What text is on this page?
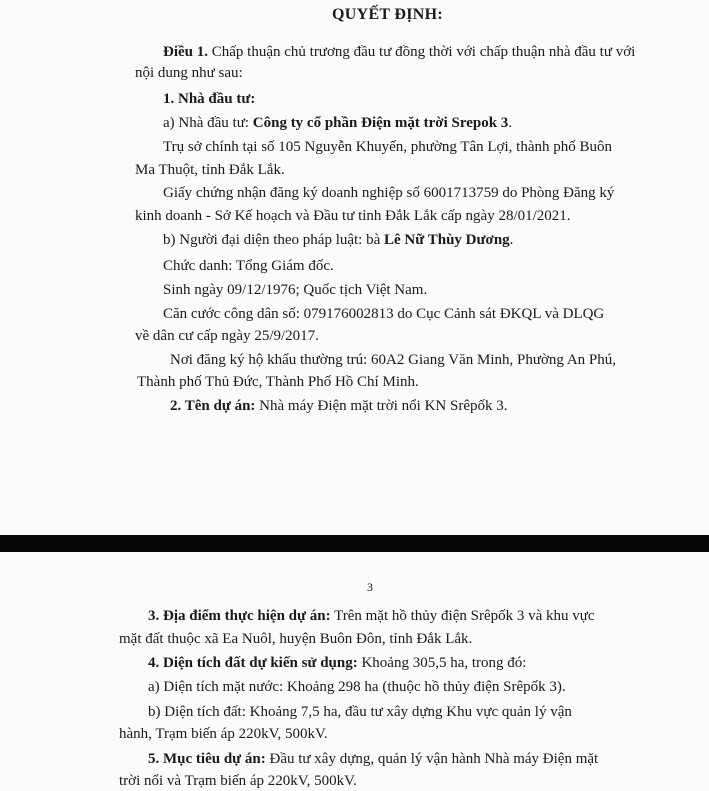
QUYẾT ĐỊNH:
Điều 1. Chấp thuận chủ trương đầu tư đồng thời với chấp thuận nhà đầu tư với
nội dung như sau:
1. Nhà đầu tư:
a) Nhà đầu tư: Công ty cổ phần Điện mặt trời Srepok 3.
Trụ sở chính tại số 105 Nguyễn Khuyến, phường Tân Lợi, thành phố Buôn
Ma Thuột, tỉnh Đắk Lắk.
Giấy chứng nhận đăng ký doanh nghiệp số 6001713759 do Phòng Đăng ký
kinh doanh - Sở Kế hoạch và Đầu tư tỉnh Đắk Lắk cấp ngày 28/01/2021.
b) Người đại diện theo pháp luật: bà Lê Nữ Thùy Dương.
Chức danh: Tổng Giám đốc.
Sinh ngày 09/12/1976; Quốc tịch Việt Nam.
Căn cước công dân số: 079176002813 do Cục Cảnh sát ĐKQL và DLQG
về dân cư cấp ngày 25/9/2017.
Nơi đăng ký hộ khẩu thường trú: 60A2 Giang Văn Minh, Phường An Phú,
Thành phố Thủ Đức, Thành Phố Hồ Chí Minh.
2. Tên dự án: Nhà máy Điện mặt trời nổi KN Srêpốk 3.
3
3. Địa điểm thực hiện dự án: Trên mặt hồ thủy điện Srêpốk 3 và khu vực
mặt đất thuộc xã Ea Nuôl, huyện Buôn Đôn, tỉnh Đắk Lắk.
4. Diện tích đất dự kiến sử dụng: Khoảng 305,5 ha, trong đó:
a) Diện tích mặt nước: Khoảng 298 ha (thuộc hồ thủy điện Srêpốk 3).
b) Diện tích đất: Khoảng 7,5 ha, đầu tư xây dựng Khu vực quản lý vận
hành, Trạm biến áp 220kV, 500kV.
5. Mục tiêu dự án: Đầu tư xây dựng, quản lý vận hành Nhà máy Điện mặt
trời nổi và Trạm biến áp 220kV, 500kV.
